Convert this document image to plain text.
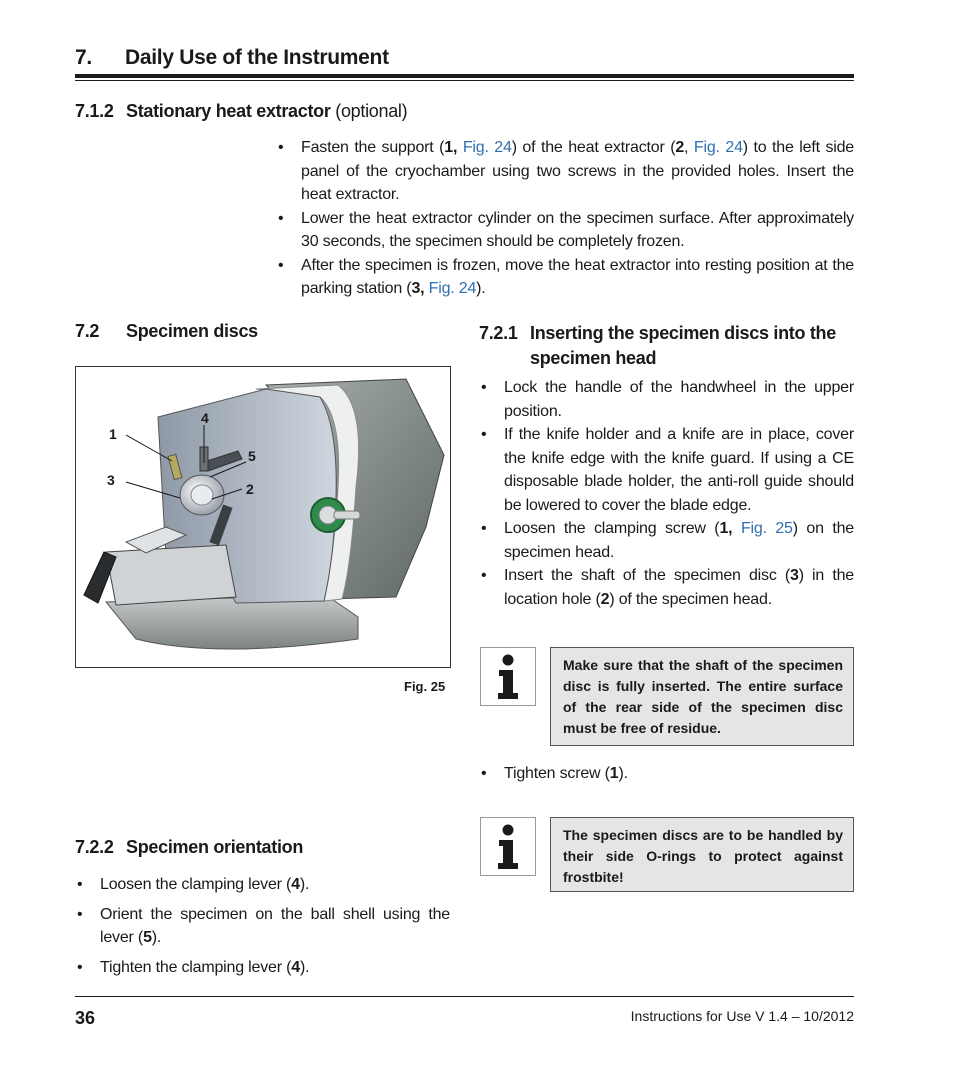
7. Daily Use of the Instrument
7.1.2 Stationary heat extractor (optional)
• Fasten the support (1, Fig. 24) of the heat extractor (2, Fig. 24) to the left side panel of the cryochamber using two screws in the provided holes. Insert the heat extractor.
• Lower the heat extractor cylinder on the specimen surface. After approximately 30 seconds, the specimen should be completely frozen.
• After the specimen is frozen, move the heat extractor into resting position at the parking station (3, Fig. 24).
7.2 Specimen discs
1
3
4
5
2
Fig. 25
7.2.1 Inserting the specimen discs into the specimen head
• Lock the handle of the handwheel in the upper position.
• If the knife holder and a knife are in place, cover the knife edge with the knife guard. If using a CE disposable blade holder, the anti-roll guide should be lowered to cover the blade edge.
• Loosen the clamping screw (1, Fig. 25) on the specimen head.
• Insert the shaft of the specimen disc (3) in the location hole (2) of the specimen head.
Make sure that the shaft of the specimen disc is fully inserted. The entire surface of the rear side of the specimen disc must be free of residue.
• Tighten screw (1).
The specimen discs are to be handled by their side O-rings to protect against frostbite!
7.2.2 Specimen orientation
• Loosen the clamping lever (4).
• Orient the specimen on the ball shell using the lever (5).
• Tighten the clamping lever (4).
36	Instructions for Use V 1.4 – 10/2012
